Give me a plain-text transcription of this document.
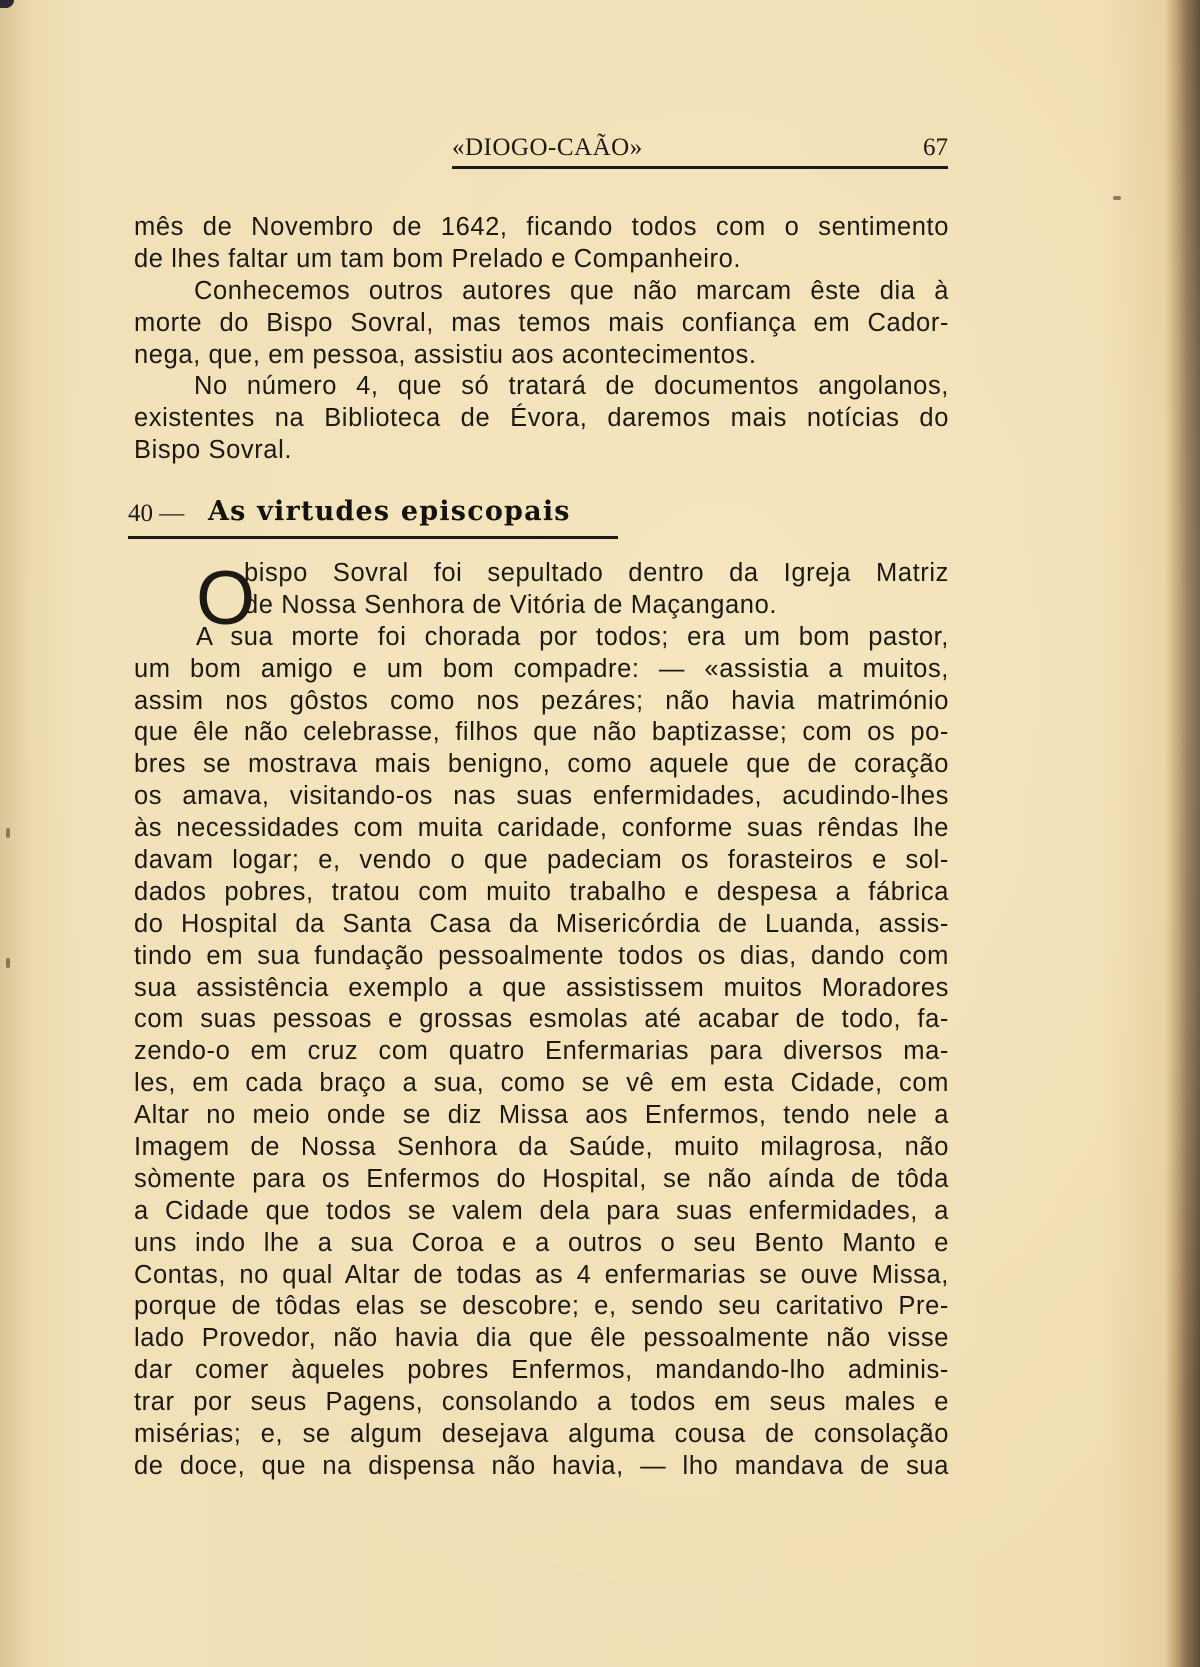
«DIOGO-CAÃO»	67
mês de Novembro de 1642, ficando todos com o sentimento
de lhes faltar um tam bom Prelado e Companheiro.
Conhecemos outros autores que não marcam êste dia à
morte do Bispo Sovral, mas temos mais confiança em Cador-
nega, que, em pessoa, assistiu aos acontecimentos.
No número 4, que só tratará de documentos angolanos,
existentes na Biblioteca de Évora, daremos mais notícias do
Bispo Sovral.
40 — As virtudes episcopais
O
bispo Sovral foi sepultado dentro da Igreja Matriz
de Nossa Senhora de Vitória de Maçangano.
A sua morte foi chorada por todos; era um bom pastor,
um bom amigo e um bom compadre: — «assistia a muitos,
assim nos gôstos como nos pezáres; não havia matrimónio
que êle não celebrasse, filhos que não baptizasse; com os po-
bres se mostrava mais benigno, como aquele que de coração
os amava, visitando-os nas suas enfermidades, acudindo-lhes
às necessidades com muita caridade, conforme suas rêndas lhe
davam logar; e, vendo o que padeciam os forasteiros e sol-
dados pobres, tratou com muito trabalho e despesa a fábrica
do Hospital da Santa Casa da Misericórdia de Luanda, assis-
tindo em sua fundação pessoalmente todos os dias, dando com
sua assistência exemplo a que assistissem muitos Moradores
com suas pessoas e grossas esmolas até acabar de todo, fa-
zendo-o em cruz com quatro Enfermarias para diversos ma-
les, em cada braço a sua, como se vê em esta Cidade, com
Altar no meio onde se diz Missa aos Enfermos, tendo nele a
Imagem de Nossa Senhora da Saúde, muito milagrosa, não
sòmente para os Enfermos do Hospital, se não aínda de tôda
a Cidade que todos se valem dela para suas enfermidades, a
uns indo lhe a sua Coroa e a outros o seu Bento Manto e
Contas, no qual Altar de todas as 4 enfermarias se ouve Missa,
porque de tôdas elas se descobre; e, sendo seu caritativo Pre-
lado Provedor, não havia dia que êle pessoalmente não visse
dar comer àqueles pobres Enfermos, mandando-lho adminis-
trar por seus Pagens, consolando a todos em seus males e
misérias; e, se algum desejava alguma cousa de consolação
de doce, que na dispensa não havia, — lho mandava de sua
